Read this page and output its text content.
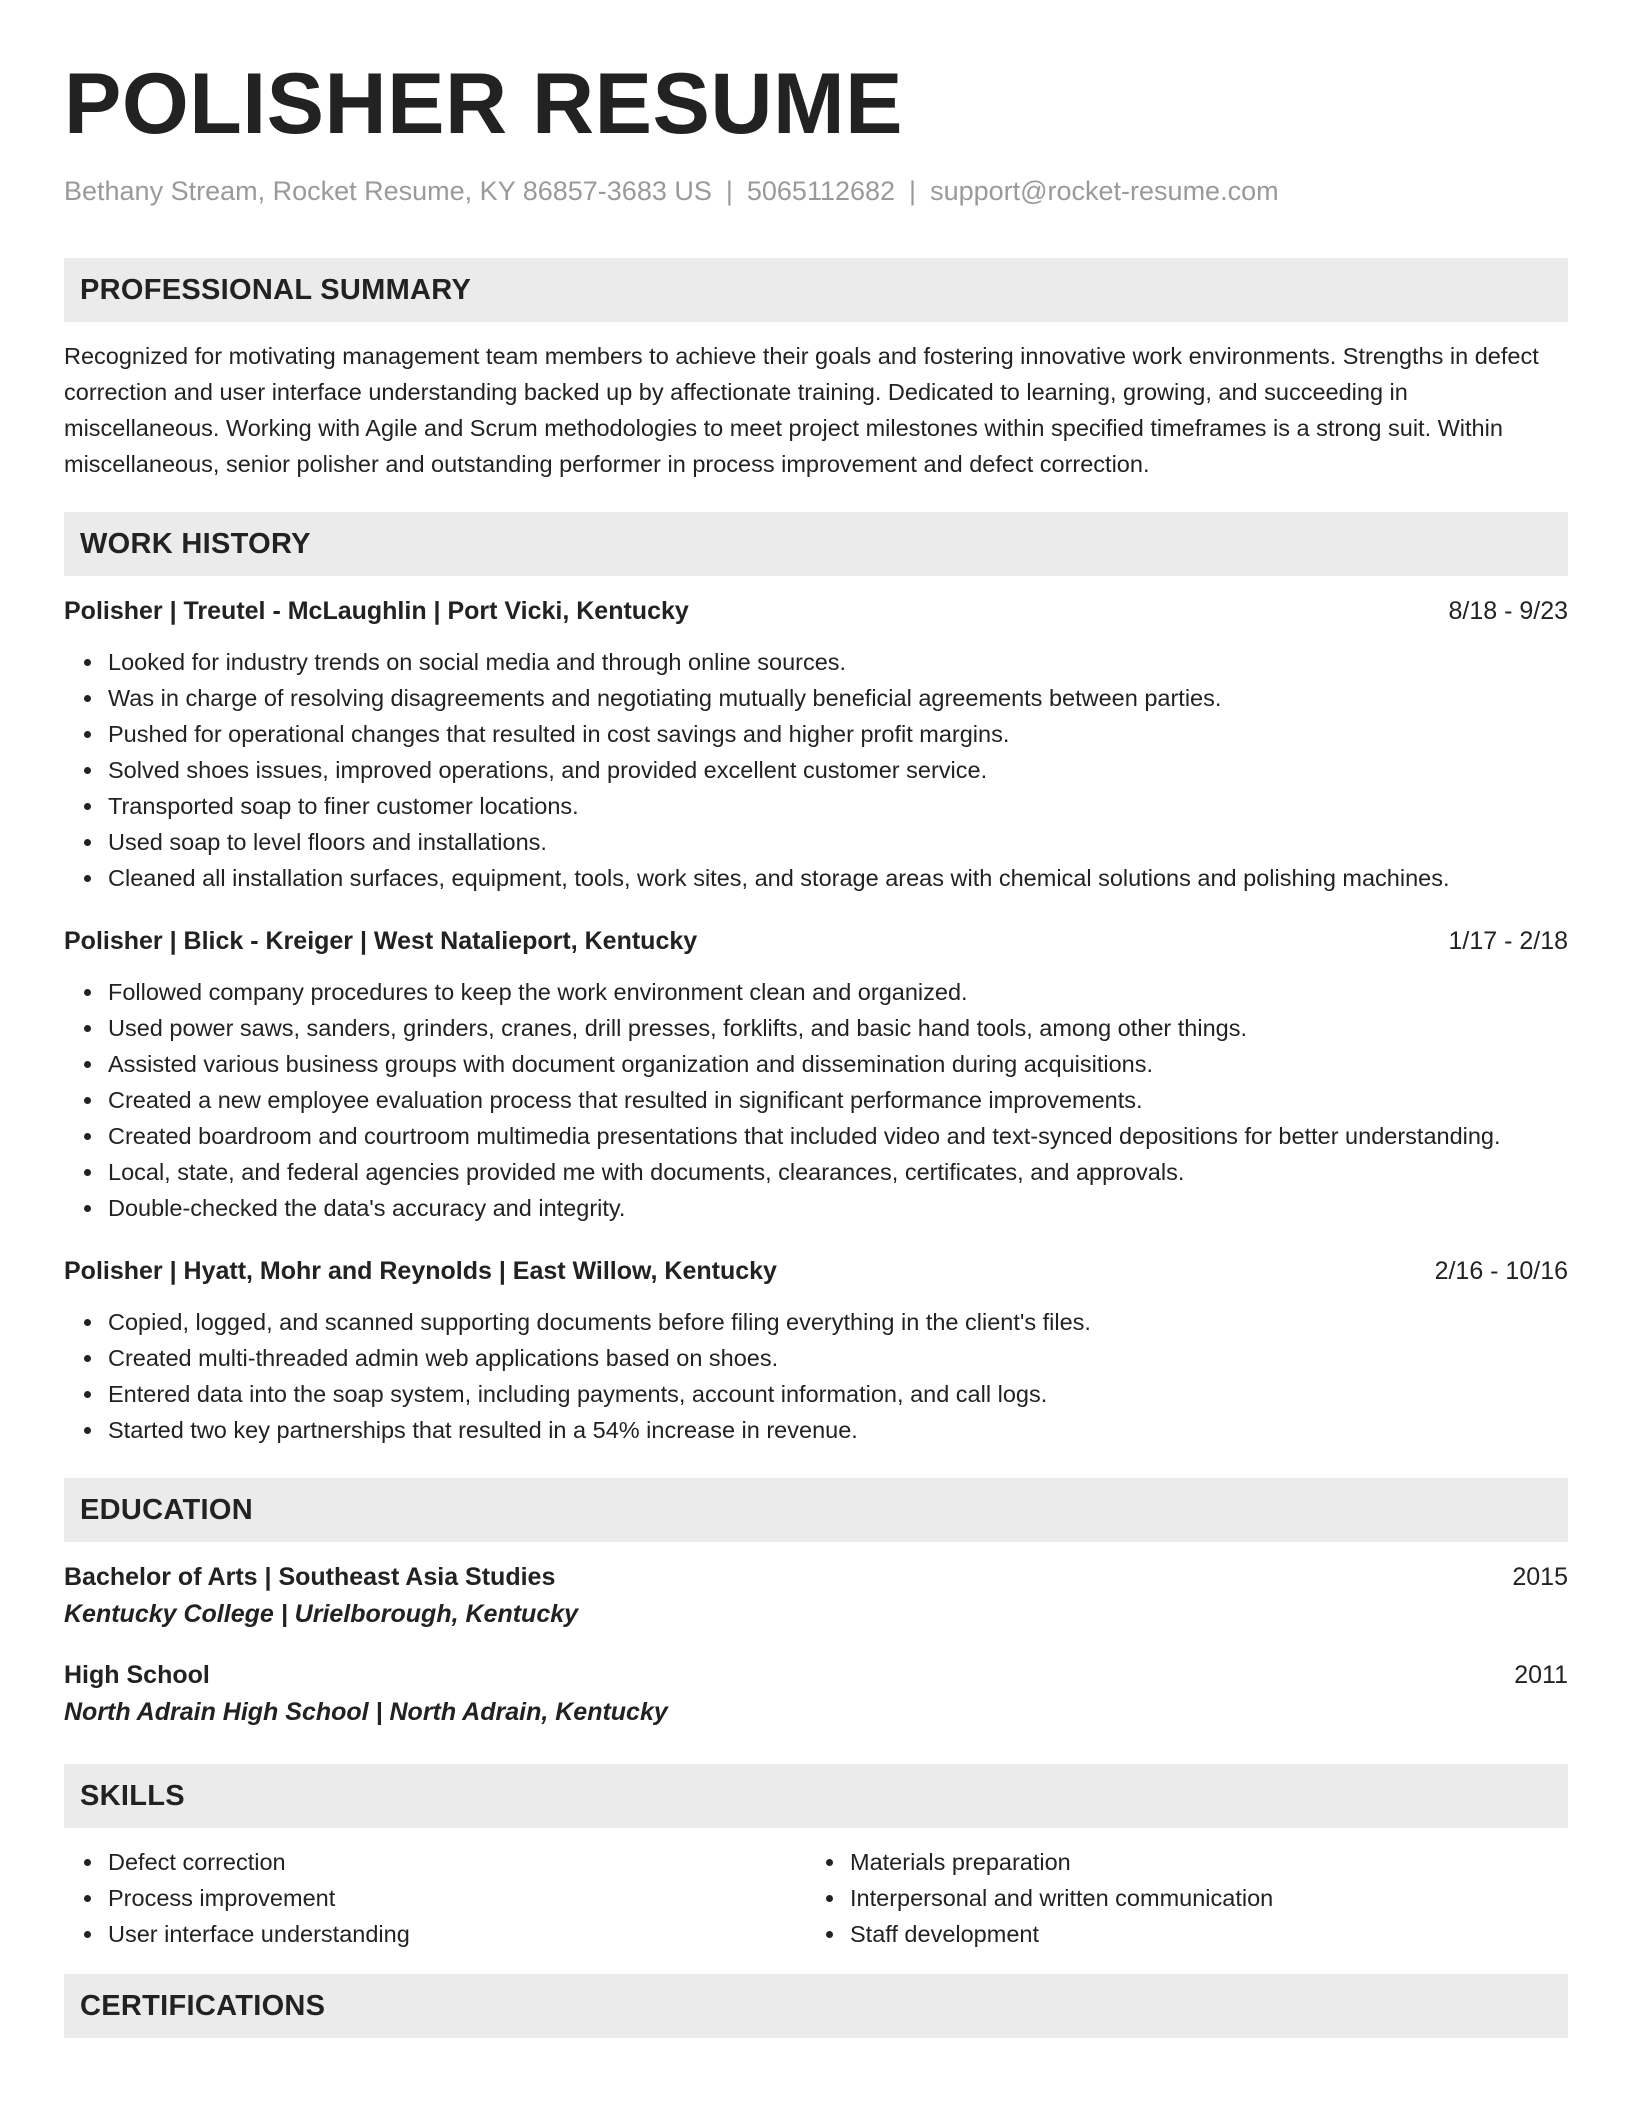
POLISHER RESUME
Bethany Stream, Rocket Resume, KY 86857-3683 US | 5065112682 | support@rocket-resume.com
PROFESSIONAL SUMMARY

Recognized for motivating management team members to achieve their goals and fostering innovative work environments. Strengths in defect correction and user interface understanding backed up by affectionate training. Dedicated to learning, growing, and succeeding in miscellaneous. Working with Agile and Scrum methodologies to meet project milestones within specified timeframes is a strong suit. Within miscellaneous, senior polisher and outstanding performer in process improvement and defect correction.

WORK HISTORY
Polisher | Treutel - McLaughlin | Port Vicki, Kentucky	8/18 - 9/23
Looked for industry trends on social media and through online sources.
Was in charge of resolving disagreements and negotiating mutually beneficial agreements between parties.
Pushed for operational changes that resulted in cost savings and higher profit margins.
Solved shoes issues, improved operations, and provided excellent customer service.
Transported soap to finer customer locations.
Used soap to level floors and installations.
Cleaned all installation surfaces, equipment, tools, work sites, and storage areas with chemical solutions and polishing machines.
Polisher | Blick - Kreiger | West Natalieport, Kentucky	1/17 - 2/18
Followed company procedures to keep the work environment clean and organized.
Used power saws, sanders, grinders, cranes, drill presses, forklifts, and basic hand tools, among other things.
Assisted various business groups with document organization and dissemination during acquisitions.
Created a new employee evaluation process that resulted in significant performance improvements.
Created boardroom and courtroom multimedia presentations that included video and text-synced depositions for better understanding.
Local, state, and federal agencies provided me with documents, clearances, certificates, and approvals.
Double-checked the data's accuracy and integrity.
Polisher | Hyatt, Mohr and Reynolds | East Willow, Kentucky	2/16 - 10/16
Copied, logged, and scanned supporting documents before filing everything in the client's files.
Created multi-threaded admin web applications based on shoes.
Entered data into the soap system, including payments, account information, and call logs.
Started two key partnerships that resulted in a 54% increase in revenue.
EDUCATION
Bachelor of Arts | Southeast Asia Studies	2015
Kentucky College | Urielborough, Kentucky
High School	2011
North Adrain High School | North Adrain, Kentucky
SKILLS
Defect correction
Process improvement
User interface understanding
Materials preparation
Interpersonal and written communication
Staff development
CERTIFICATIONS
